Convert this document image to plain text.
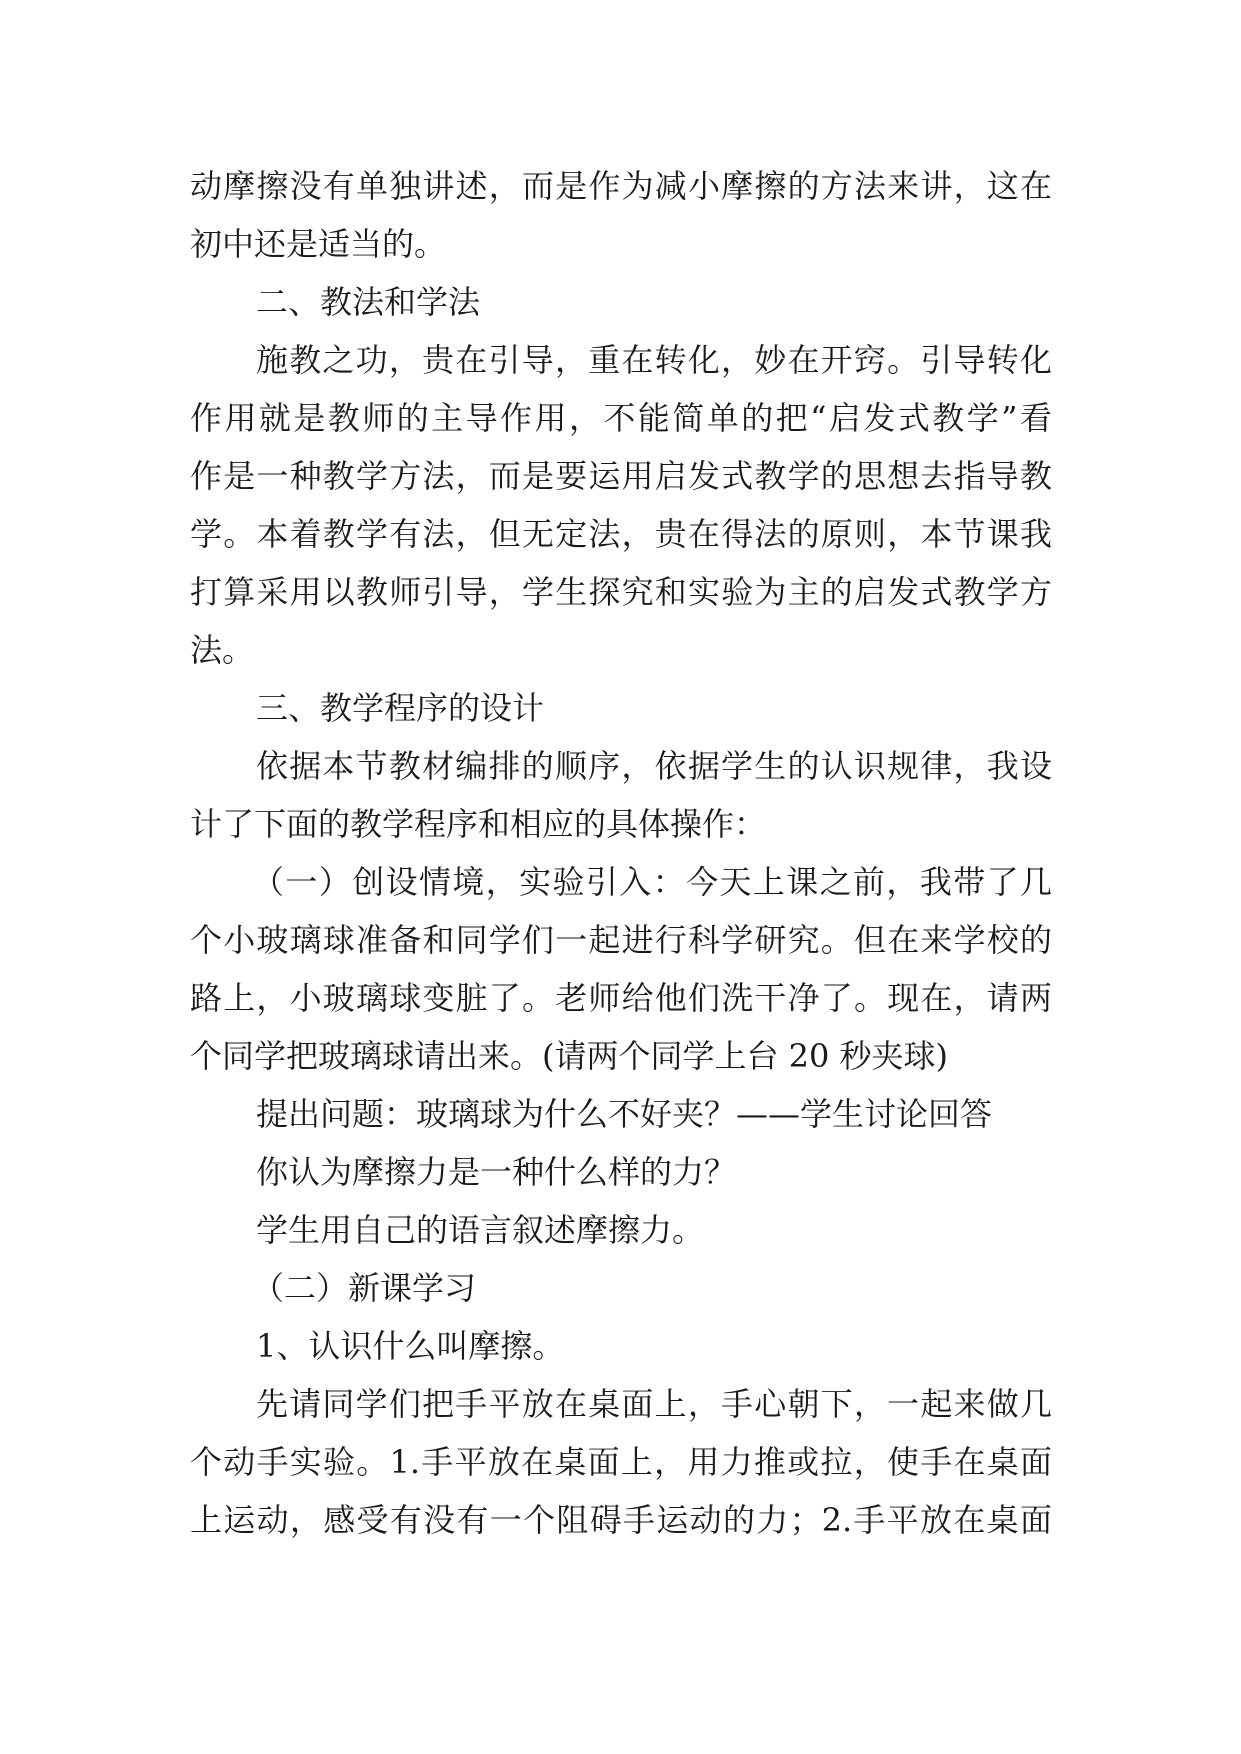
动摩擦没有单独讲述，而是作为减小摩擦的方法来讲，这在
初中还是适当的。
二、教法和学法
施教之功，贵在引导，重在转化，妙在开窍。引导转化
作用就是教师的主导作用，不能简单的把“启发式教学”看
作是一种教学方法，而是要运用启发式教学的思想去指导教
学。本着教学有法，但无定法，贵在得法的原则，本节课我
打算采用以教师引导，学生探究和实验为主的启发式教学方
法。
三、教学程序的设计
依据本节教材编排的顺序，依据学生的认识规律，我设
计了下面的教学程序和相应的具体操作：
（一）创设情境，实验引入：今天上课之前，我带了几
个小玻璃球准备和同学们一起进行科学研究。但在来学校的
路上，小玻璃球变脏了。老师给他们洗干净了。现在，请两
个同学把玻璃球请出来。(请两个同学上台 20 秒夹球)
提出问题：玻璃球为什么不好夹？——学生讨论回答
你认为摩擦力是一种什么样的力？
学生用自己的语言叙述摩擦力。
（二）新课学习
1、认识什么叫摩擦。
先请同学们把手平放在桌面上，手心朝下，一起来做几
个动手实验。1.手平放在桌面上，用力推或拉，使手在桌面
上运动，感受有没有一个阻碍手运动的力；2.手平放在桌面
